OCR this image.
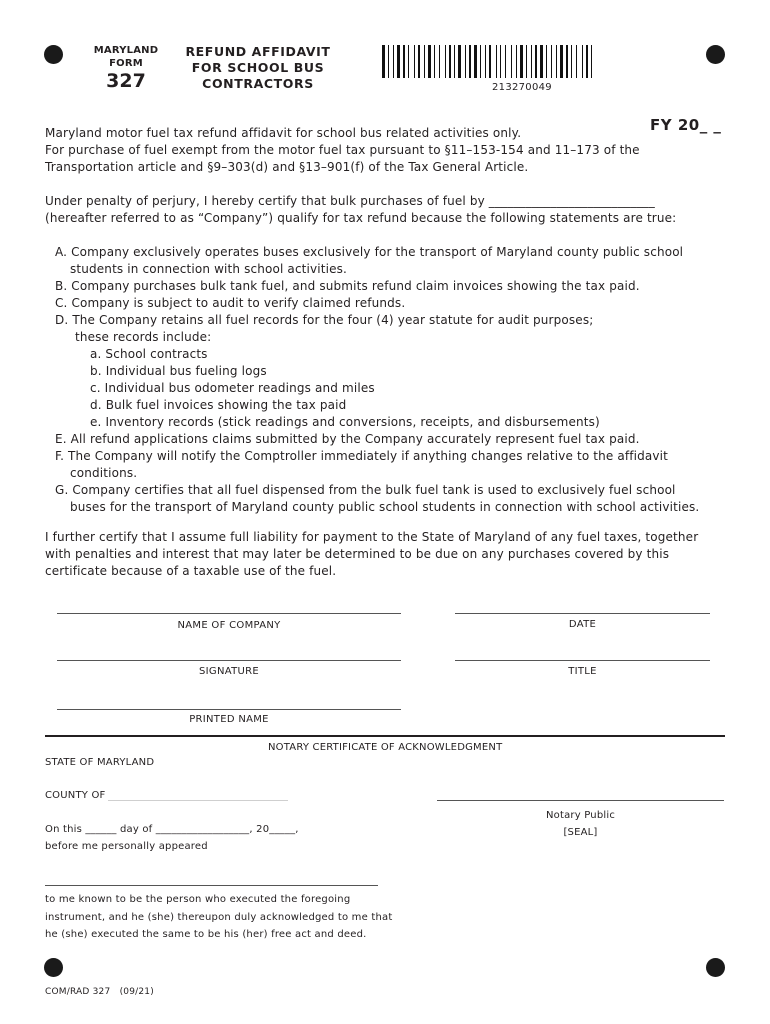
MARYLAND
FORM
327
REFUND AFFIDAVIT
FOR SCHOOL BUS
CONTRACTORS	213270049
FY 20_ _
Maryland motor fuel tax refund affidavit for school bus related activities only.
For purchase of fuel exempt from the motor fuel tax pursuant to §11–153-154 and 11–173 of the
Transportation article and §9–303(d) and §13–901(f) of the Tax General Article.
Under penalty of perjury, I hereby certify that bulk purchases of fuel by ___________________________
(hereafter referred to as “Company”) qualify for tax refund because the following statements are true:
A. Company exclusively operates buses exclusively for the transport of Maryland county public school
students in connection with school activities.
B. Company purchases bulk tank fuel, and submits refund claim invoices showing the tax paid.
C. Company is subject to audit to verify claimed refunds.
D. The Company retains all fuel records for the four (4) year statute for audit purposes;
these records include:
a. School contracts
b. Individual bus fueling logs
c. Individual bus odometer readings and miles
d. Bulk fuel invoices showing the tax paid
e. Inventory records (stick readings and conversions, receipts, and disbursements)
E. All refund applications claims submitted by the Company accurately represent fuel tax paid.
F. The Company will notify the Comptroller immediately if anything changes relative to the affidavit
conditions.
G. Company certifies that all fuel dispensed from the bulk fuel tank is used to exclusively fuel school
buses for the transport of Maryland county public school students in connection with school activities.
I further certify that I assume full liability for payment to the State of Maryland of any fuel taxes, together
with penalties and interest that may later be determined to be due on any purchases covered by this
certificate because of a taxable use of the fuel.
NAME OF COMPANY	DATE
SIGNATURE	TITLE
PRINTED NAME
NOTARY CERTIFICATE OF ACKNOWLEDGMENT
STATE OF MARYLAND
COUNTY OF
Notary Public
[SEAL]
On this ______ day of __________________, 20_____,
before me personally appeared
to me known to be the person who executed the foregoing
instrument, and he (she) thereupon duly acknowledged to me that
he (she) executed the same to be his (her) free act and deed.
COM/RAD 327   (09/21)
